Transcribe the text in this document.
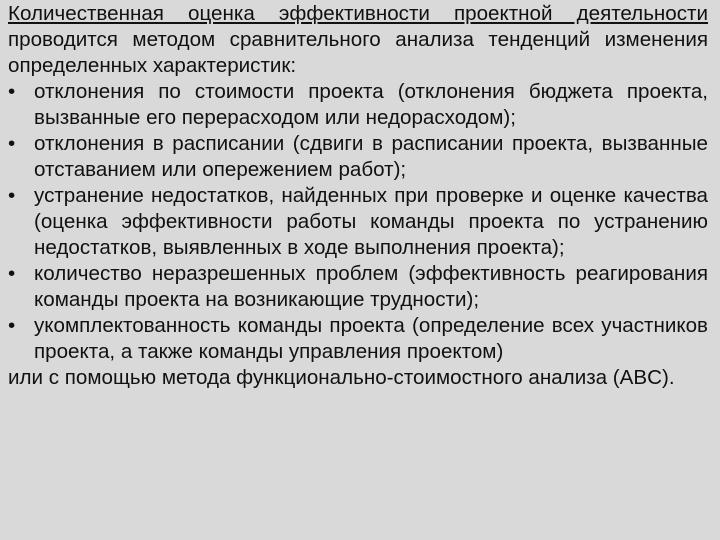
Количественная оценка эффективности проектной деятельности проводится методом сравнительного анализа тенденций изменения определенных характеристик:

• отклонения по стоимости проекта (отклонения бюджета проекта, вызванные его перерасходом или недорасходом);
• отклонения в расписании (сдвиги в расписании проекта, вызванные отставанием или опережением работ);
• устранение недостатков, найденных при проверке и оценке качества (оценка эффективности работы команды проекта по устранению недостатков, выявленных в ходе выполнения проекта);
• количество неразрешенных проблем (эффективность реагирования команды проекта на возникающие трудности);
• укомплектованность команды проекта (определение всех участников проекта, а также команды управления проектом)

или с помощью метода функционально-стоимостного анализа (ABC).
